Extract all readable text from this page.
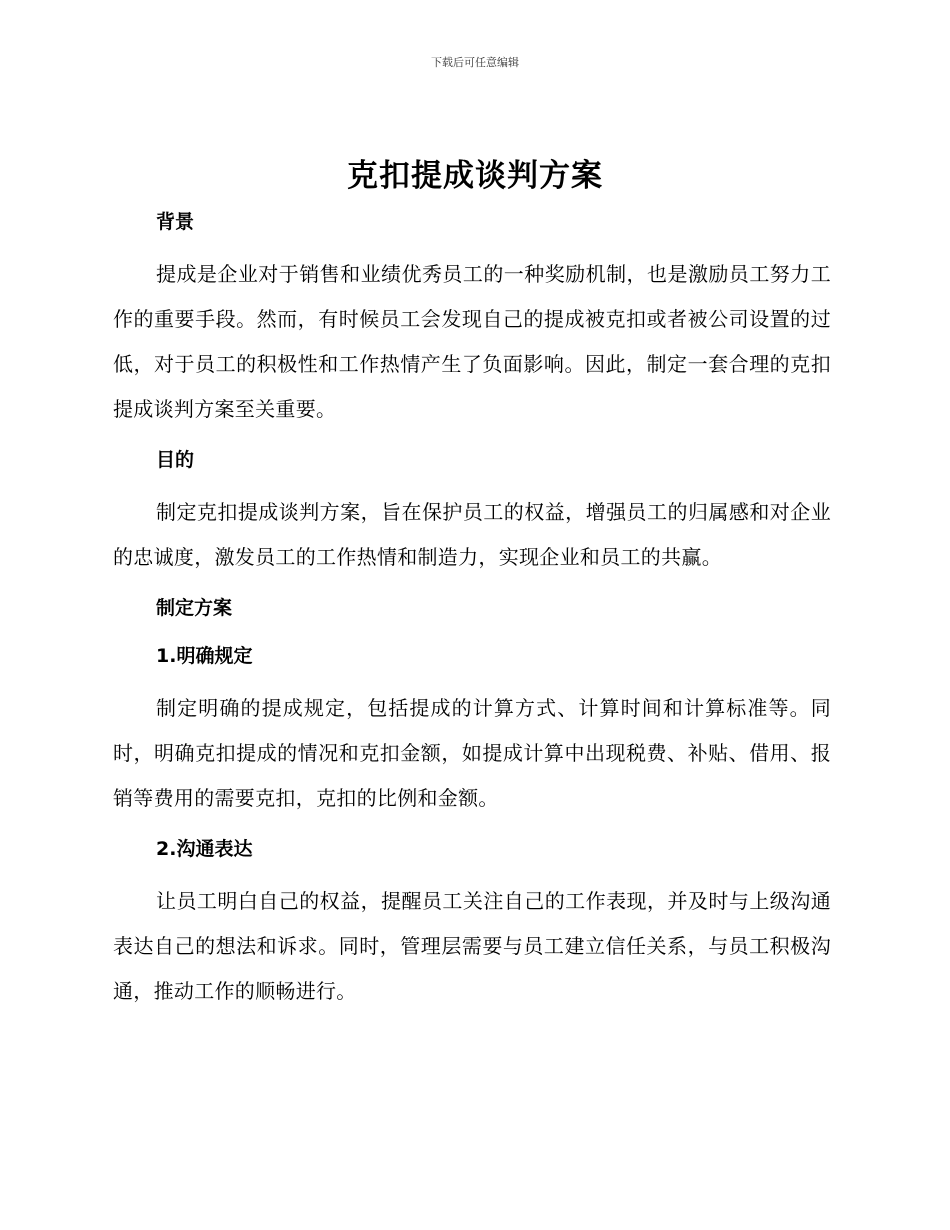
下载后可任意编辑
克扣提成谈判方案
背景

提成是企业对于销售和业绩优秀员工的一种奖励机制，也是激励员工努力工作的重要手段。然而，有时候员工会发现自己的提成被克扣或者被公司设置的过低，对于员工的积极性和工作热情产生了负面影响。因此，制定一套合理的克扣提成谈判方案至关重要。

目的

制定克扣提成谈判方案，旨在保护员工的权益，增强员工的归属感和对企业的忠诚度，激发员工的工作热情和制造力，实现企业和员工的共赢。

制定方案
1.明确规定

制定明确的提成规定，包括提成的计算方式、计算时间和计算标准等。同时，明确克扣提成的情况和克扣金额，如提成计算中出现税费、补贴、借用、报销等费用的需要克扣，克扣的比例和金额。

2.沟通表达

让员工明白自己的权益，提醒员工关注自己的工作表现，并及时与上级沟通表达自己的想法和诉求。同时，管理层需要与员工建立信任关系，与员工积极沟通，推动工作的顺畅进行。
